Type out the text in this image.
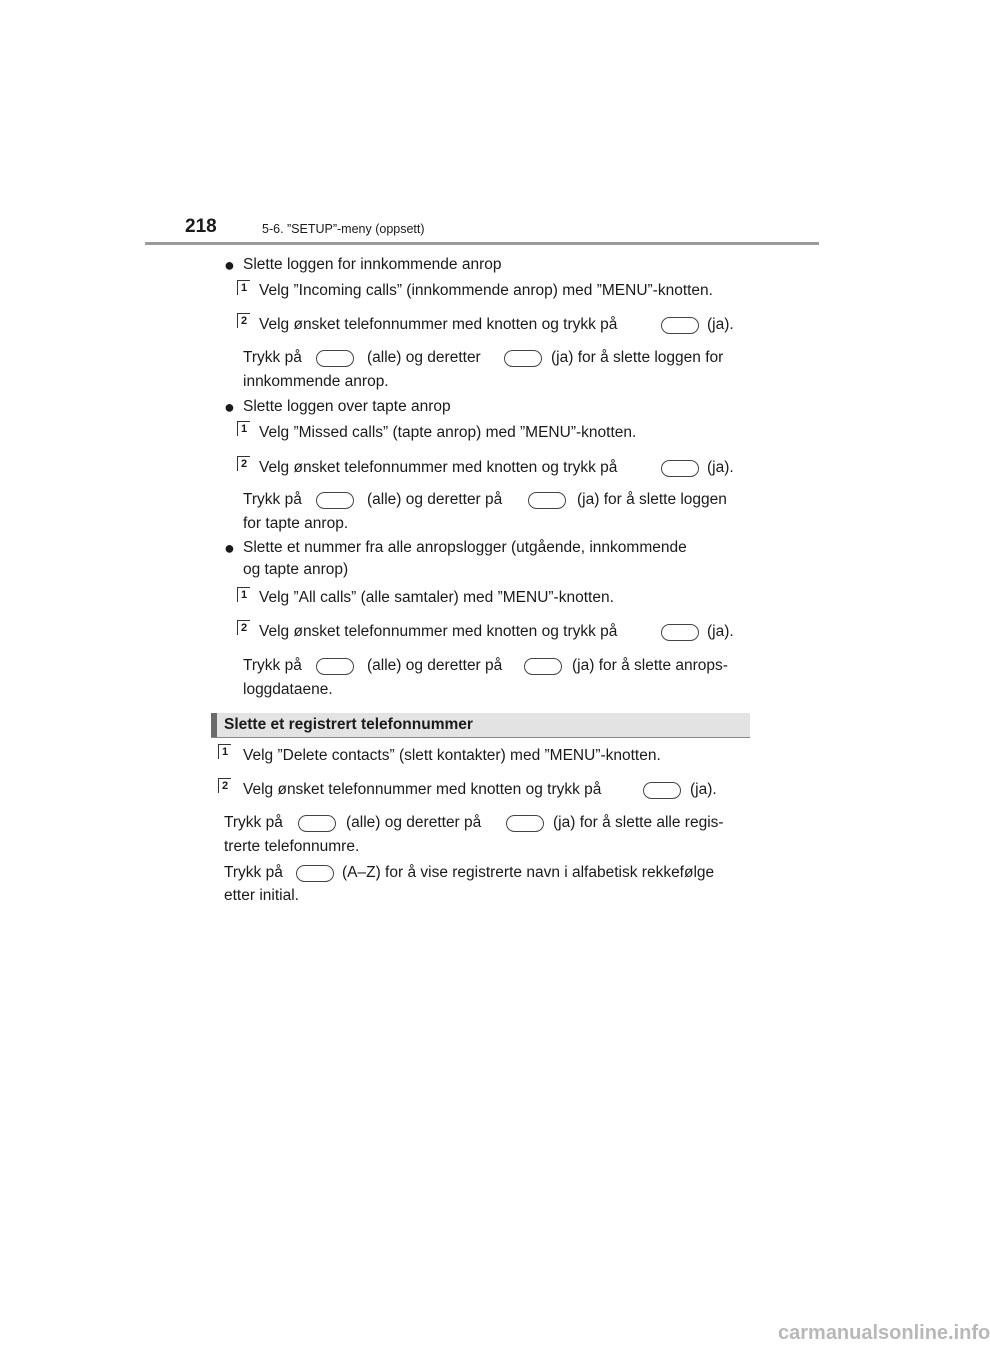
218	5-6. ”SETUP”-meny (oppsett)
● Slette loggen for innkommende anrop
1 Velg ”Incoming calls” (innkommende anrop) med ”MENU”-knotten.
2 Velg ønsket telefonnummer med knotten og trykk på	(ja).
Trykk på	(alle) og deretter	(ja) for å slette loggen for
innkommende anrop.
● Slette loggen over tapte anrop
1 Velg ”Missed calls” (tapte anrop) med ”MENU”-knotten.
2 Velg ønsket telefonnummer med knotten og trykk på	(ja).
Trykk på	(alle) og deretter på	(ja) for å slette loggen
for tapte anrop.
● Slette et nummer fra alle anropslogger (utgående, innkommende
og tapte anrop)
1 Velg ”All calls” (alle samtaler) med ”MENU”-knotten.
2 Velg ønsket telefonnummer med knotten og trykk på	(ja).
Trykk på	(alle) og deretter på	(ja) for å slette anrops-
loggdataene.
Slette et registrert telefonnummer
1 Velg ”Delete contacts” (slett kontakter) med ”MENU”-knotten.
2 Velg ønsket telefonnummer med knotten og trykk på	(ja).
Trykk på	(alle) og deretter på	(ja) for å slette alle regis-
trerte telefonnumre.
Trykk på	(A–Z) for å vise registrerte navn i alfabetisk rekkefølge
etter initial.
carmanualsonline.info
